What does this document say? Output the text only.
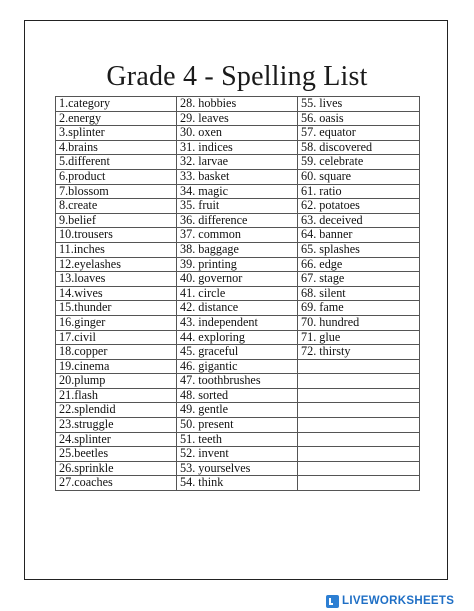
Grade 4 - Spelling List
1.category	28. hobbies	55. lives
2.energy	29. leaves	56. oasis
3.splinter	30. oxen	57. equator
4.brains	31. indices	58. discovered
5.different	32. larvae	59. celebrate
6.product	33. basket	60. square
7.blossom	34. magic	61. ratio
8.create	35. fruit	62. potatoes
9.belief	36. difference	63. deceived
10.trousers	37. common	64. banner
11.inches	38. baggage	65. splashes
12.eyelashes	39. printing	66. edge
13.loaves	40. governor	67. stage
14.wives	41. circle	68. silent
15.thunder	42. distance	69. fame
16.ginger	43. independent	70. hundred
17.civil	44. exploring	71. glue
18.copper	45. graceful	72. thirsty
19.cinema	46. gigantic	
20.plump	47. toothbrushes	
21.flash	48. sorted	
22.splendid	49. gentle	
23.struggle	50. present	
24.splinter	51. teeth	
25.beetles	52. invent	
26.sprinkle	53. yourselves	
27.coaches	54. think	
LIVEWORKSHEETS
